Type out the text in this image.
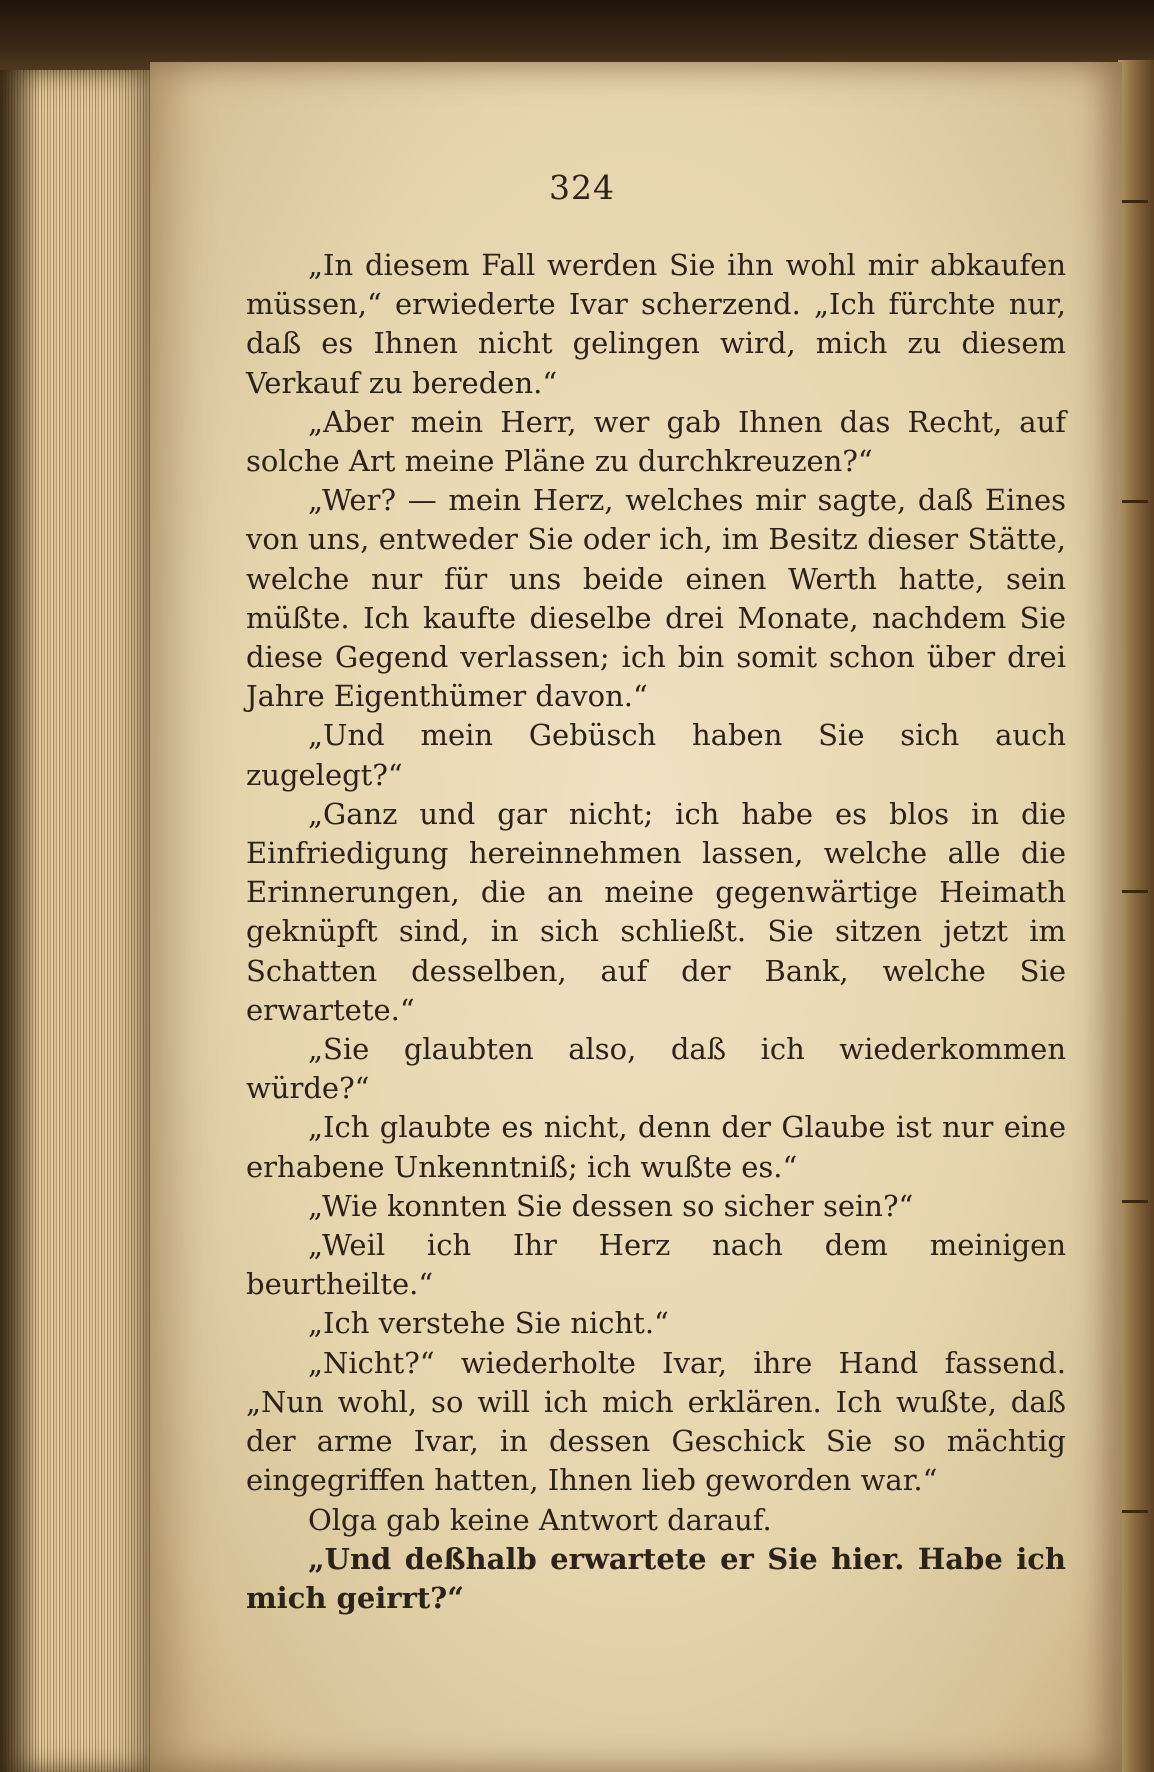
324

„In diesem Fall werden Sie ihn wohl mir abkaufen müssen,“ erwiederte Ivar scherzend. „Ich fürchte nur, daß es Ihnen nicht gelingen wird, mich zu diesem Verkauf zu bereden.“

„Aber mein Herr, wer gab Ihnen das Recht, auf solche Art meine Pläne zu durchkreuzen?“

„Wer? — mein Herz, welches mir sagte, daß Eines von uns, entweder Sie oder ich, im Besitz dieser Stätte, welche nur für uns beide einen Werth hatte, sein müßte. Ich kaufte dieselbe drei Monate, nachdem Sie diese Gegend verlassen; ich bin somit schon über drei Jahre Eigenthümer davon.“

„Und mein Gebüsch haben Sie sich auch zugelegt?“

„Ganz und gar nicht; ich habe es blos in die Einfriedigung hereinnehmen lassen, welche alle die Erinnerungen, die an meine gegenwärtige Heimath geknüpft sind, in sich schließt. Sie sitzen jetzt im Schatten desselben, auf der Bank, welche Sie erwartete.“

„Sie glaubten also, daß ich wiederkommen würde?“

„Ich glaubte es nicht, denn der Glaube ist nur eine erhabene Unkenntniß; ich wußte es.“

„Wie konnten Sie dessen so sicher sein?“

„Weil ich Ihr Herz nach dem meinigen beurtheilte.“

„Ich verstehe Sie nicht.“

„Nicht?“ wiederholte Ivar, ihre Hand fassend. „Nun wohl, so will ich mich erklären. Ich wußte, daß der arme Ivar, in dessen Geschick Sie so mächtig eingegriffen hatten, Ihnen lieb geworden war.“

Olga gab keine Antwort darauf.

„Und deßhalb erwartete er Sie hier. Habe ich mich geirrt?“
